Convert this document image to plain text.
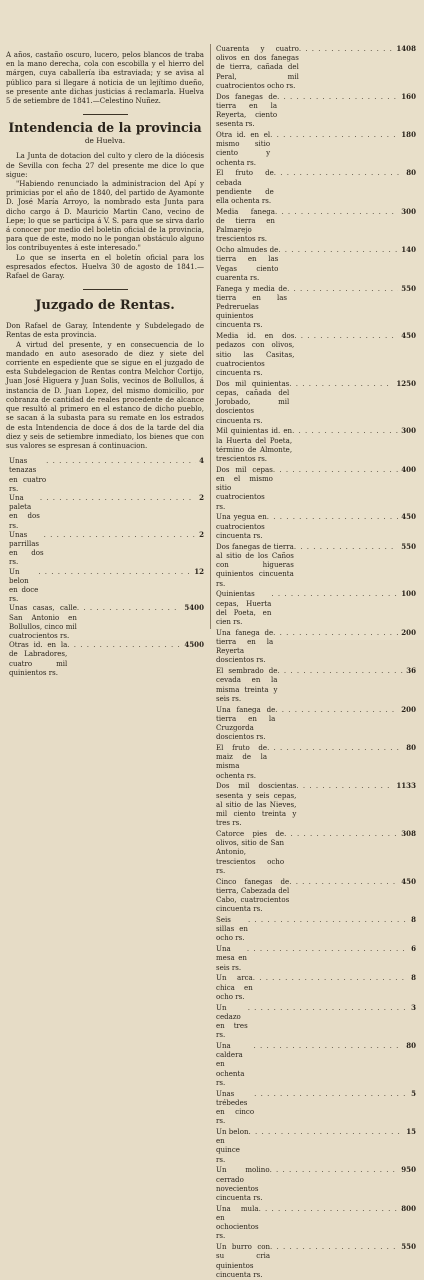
A años, castaño oscuro, lucero, pelos blancos de traba en la mano derecha, cola con escobilla y el hierro del márgen, cuya caballería iba estraviada; y se avisa al público para si llegare á noticia de un lejítimo dueño, se presente ante dichas justicias á reclamarla. Huelva 5 de setiembre de 1841.—Celestino Nuñez.

Intendencia de la provincia
de Huelva.

La Junta de dotacion del culto y clero de la diócesis de Sevilla con fecha 27 del presente me dice lo que sigue:

"Habiendo renunciado la administracion del Apí y primicias por el año de 1840, del partido de Ayamonte D. José María Arroyo, la nombrado esta Junta para dicho cargo á D. Mauricio Martin Cano, vecino de Lepe; lo que se participa á V. S. para que se sirva darlo á conocer por medio del boletin oficial de la provincia, para que de este, modo no le pongan obstáculo alguno los contribuyentes á este interesado."

Lo que se inserta en el boletín oficial para los espresados efectos. Huelva 30 de agosto de 1841.—Rafael de Garay.

Juzgado de Rentas.

Don Rafael de Garay, Intendente y Subdelegado de Rentas de esta provincia.

A virtud del presente, y en consecuencia de lo mandado en auto asesorado de diez y siete del corriente en espediente que se sigue en el juzgado de esta Subdelegacion de Rentas contra Melchor Cortijo, Juan José Higuera y Juan Solis, vecinos de Bollullos, á instancia de D. Juan Lopez, del mismo domicilio, por cobranza de cantidad de reales procedente de alcance que resultó al primero en el estanco de dicho pueblo, se sacan á la subasta para su remate en los estrados de esta Intendencia de doce á dos de la tarde del dia diez y seis de setiembre inmediato, los bienes que con sus valores se espresan á continuacion.

Unas tenazas en cuatro rs.
. . .
4
Una paleta en dos rs.
. . .
2
Unas parrillas en dos rs.
. . .
2
Un belon en doce rs.
. . .
12
Unas casas, calle San Antonio en Bollullos, cinco mil cuatrocientos rs.
. . .
5400
Otras id. en la de Labradores, cuatro mil quinientos rs.
. . .
4500
Cuarenta y cuatro olivos en dos fanegas de tierra, cañada del Peral, mil cuatrocientos ocho rs.
. . .
1408
Dos fanegas de tierra en la Reyerta, ciento sesenta rs.
. . .
160
Otra id. en el mismo sitio ciento y ochenta rs.
. . .
180
El fruto de cebada pendiente de ella ochenta rs.
. . .
80
Media fanega de tierra en Palmarejo trescientos rs.
. . .
300
Ocho almudes de tierra en las Vegas ciento cuarenta rs.
. . .
140
Fanega y media de tierra en las Pedreruelas quinientos cincuenta rs.
. . .
550
Media id. en dos pedazos con olivos, sitio las Casitas, cuatrocientos cincuenta rs.
. . .
450
Dos mil quinientas cepas, cañada del Jorobado, mil doscientos cincuenta rs.
. . .
1250
Mil quinientas id. en la Huerta del Poeta, término de Almonte, trescientos rs.
. . .
300
Dos mil cepas en el mismo sitio cuatrocientos rs.
. . .
400
Una yegua en cuatrocientos cincuenta rs.
. . .
450
Dos fanegas de tierra al sitio de los Caños con higueras quinientos cincuenta rs.
. . .
550
Quinientas cepas, Huerta del Poeta, en cien rs.
. . .
100
Una fanega de tierra en la Reyerta doscientos rs.
. . .
200
El sembrado de cevada en la misma treinta y seis rs.
. . .
36
Una fanega de tierra en la Cruzgorda doscientos rs.
. . .
200
El fruto de maiz de la misma ochenta rs.
. . .
80
Dos mil doscientas sesenta y seis cepas, al sitio de las Nieves, mil ciento treinta y tres rs.
. . .
1133
Catorce pies de olivos, sitio de San Antonio, trescientos ocho rs.
. . .
308
Cinco fanegas de tierra, Cabezada del Cabo, cuatrocientos cincuenta rs.
. . .
450
Seis sillas en ocho rs.
. . .
8
Una mesa en seis rs.
. . .
6
Un arca chica en ocho rs.
. . .
8
Un cedazo en tres rs.
. . .
3
Una caldera en ochenta rs.
. . .
80
Unas trébedes en cinco rs.
. . .
5
Un belon en quince rs.
. . .
15
Un molino cerrado novecientos cincuenta rs.
. . .
950
Una mula en ochocientos rs.
. . .
800
Un burro con su cria quinientos cincuenta rs.
. . .
550
